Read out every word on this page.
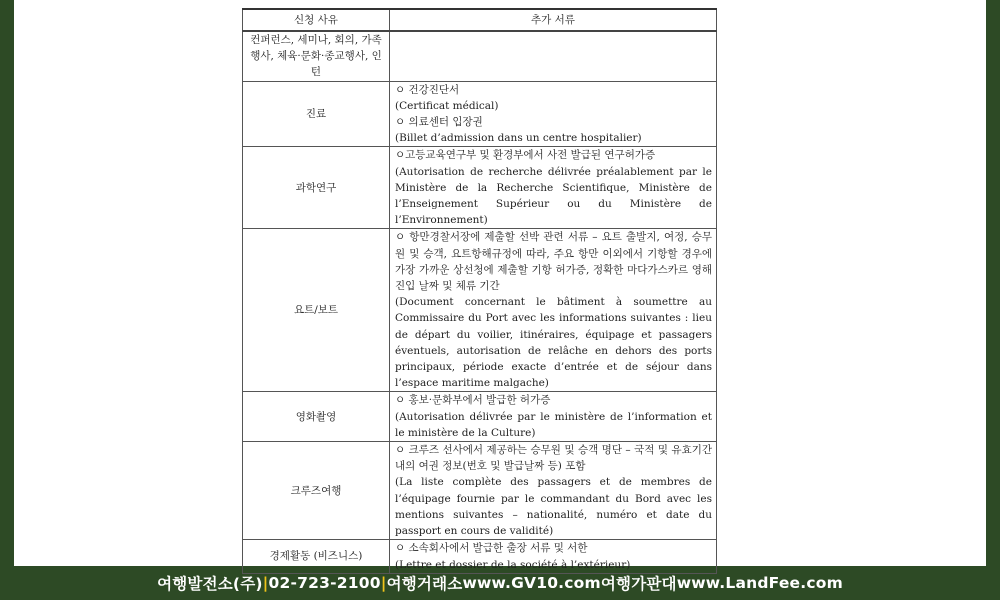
신청 사유	추가 서류
컨퍼런스, 세미나, 회의, 가족행사, 체육·문화·종교행사, 인턴	
진료	ㅇ 건강진단서
(Certificat médical)
ㅇ 의료센터 입장권
(Billet d’admission dans un centre hospitalier)

과학연구	ㅇ고등교육연구부 및 환경부에서 사전 발급된 연구허가증
(Autorisation de recherche délivrée préalablement par le Ministère de la Recherche Scientifique, Ministère de l’Enseignement Supérieur ou du Ministère de l’Environnement)

요트/보트	ㅇ 항만경찰서장에 제출할 선박 관련 서류 – 요트 출발지, 여정, 승무원 및 승객, 요트항해규정에 따라, 주요 항만 이외에서 기항할 경우에 가장 가까운 상선청에 제출할 기항 허가증, 정확한 마다가스카르 영해 진입 날짜 및 체류 기간
(Document concernant le bâtiment à soumettre au Commissaire du Port avec les informations suivantes : lieu de départ du voilier, itinéraires, équipage et passagers éventuels, autorisation de relâche en dehors des ports principaux, période exacte d’entrée et de séjour dans l’espace maritime malgache)

영화촬영	ㅇ 홍보·문화부에서 발급한 허가증
(Autorisation délivrée par le ministère de l’information et le ministère de la Culture)

크루즈여행	ㅇ 크루즈 선사에서 제공하는 승무원 및 승객 명단 – 국적 및 유효기간 내의 여권 정보(번호 및 발급날짜 등) 포함
(La liste complète des passagers et de membres de l’équipage fournie par le commandant du Bord avec les mentions suivantes – nationalité, numéro et date du passport en cours de validité)

경제활동 (비즈니스)	ㅇ 소속회사에서 발급한 출장 서류 및 서한
(Lettre et dossier de la société à l’extérieur)
여행발전소(주) | 02-723-2100 | 여행거래소 www.GV10.com 여행가판대 www.LandFee.com
